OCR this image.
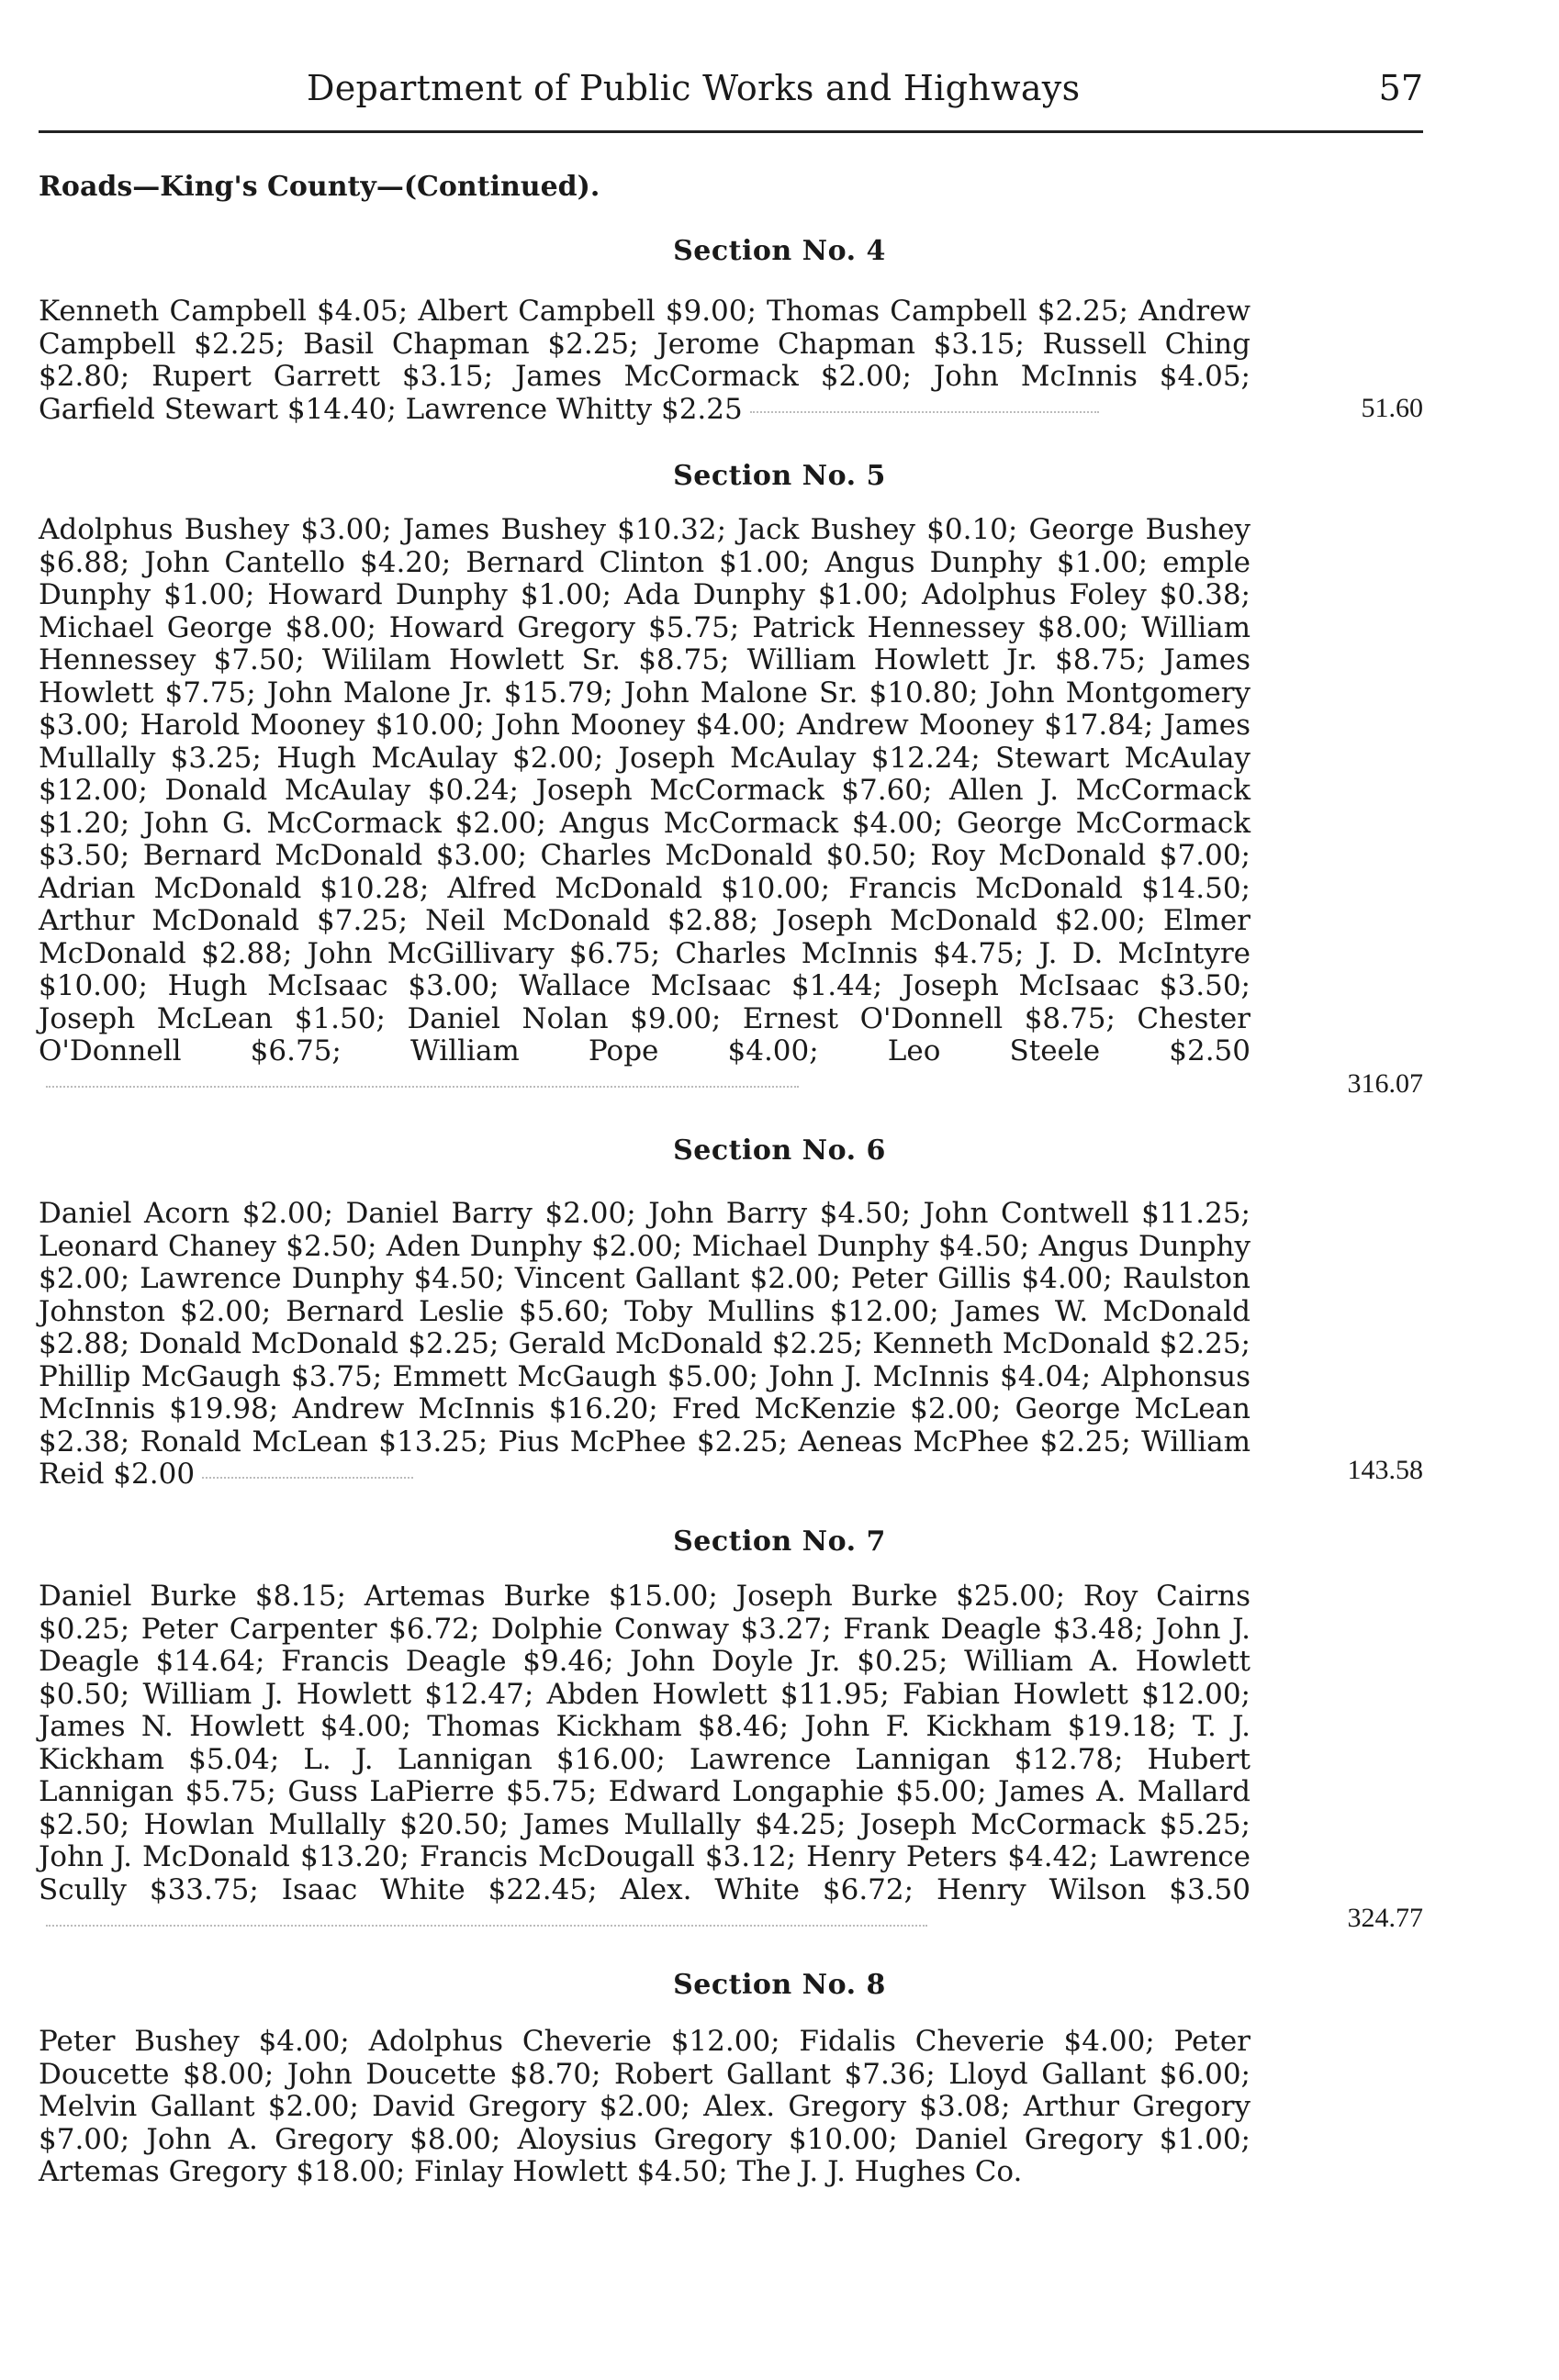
Department of Public Works and Highways	57
Roads—King's County—(Continued).
Section No. 4
Kenneth Campbell $4.05; Albert Campbell $9.00; Thomas Campbell $2.25; Andrew Campbell $2.25; Basil Chapman $2.25; Jerome Chapman $3.15; Russell Ching $2.80; Rupert Garrett $3.15; James McCormack $2.00; John McInnis $4.05; Garfield Stewart $14.40; Lawrence Whitty $2.25	51.60
Section No. 5
Adolphus Bushey $3.00; James Bushey $10.32; Jack Bushey $0.10; George Bushey $6.88; John Cantello $4.20; Bernard Clinton $1.00; Angus Dunphy $1.00; emple Dunphy $1.00; Howard Dunphy $1.00; Ada Dunphy $1.00; Adolphus Foley $0.38; Michael George $8.00; Howard Gregory $5.75; Patrick Hennessey $8.00; William Hennessey $7.50; Wililam Howlett Sr. $8.75; William Howlett Jr. $8.75; James Howlett $7.75; John Malone Jr. $15.79; John Malone Sr. $10.80; John Montgomery $3.00; Harold Mooney $10.00; John Mooney $4.00; Andrew Mooney $17.84; James Mullally $3.25; Hugh McAulay $2.00; Joseph McAulay $12.24; Stewart McAulay $12.00; Donald McAulay $0.24; Joseph McCormack $7.60; Allen J. McCormack $1.20; John G. McCormack $2.00; Angus McCormack $4.00; George McCormack $3.50; Bernard McDonald $3.00; Charles McDonald $0.50; Roy McDonald $7.00; Adrian McDonald $10.28; Alfred McDonald $10.00; Francis McDonald $14.50; Arthur McDonald $7.25; Neil McDonald $2.88; Joseph McDonald $2.00; Elmer McDonald $2.88; John McGillivary $6.75; Charles McInnis $4.75; J. D. McIntyre $10.00; Hugh McIsaac $3.00; Wallace McIsaac $1.44; Joseph McIsaac $3.50; Joseph McLean $1.50; Daniel Nolan $9.00; Ernest O'Donnell $8.75; Chester O'Donnell $6.75; William Pope $4.00; Leo Steele $2.50
316.07
Section No. 6
Daniel Acorn $2.00; Daniel Barry $2.00; John Barry $4.50; John Contwell $11.25; Leonard Chaney $2.50; Aden Dunphy $2.00; Michael Dunphy $4.50; Angus Dunphy $2.00; Lawrence Dunphy $4.50; Vincent Gallant $2.00; Peter Gillis $4.00; Raulston Johnston $2.00; Bernard Leslie $5.60; Toby Mullins $12.00; James W. McDonald $2.88; Donald McDonald $2.25; Gerald McDonald $2.25; Kenneth McDonald $2.25; Phillip McGaugh $3.75; Emmett McGaugh $5.00; John J. McInnis $4.04; Alphonsus McInnis $19.98; Andrew McInnis $16.20; Fred McKenzie $2.00; George McLean $2.38; Ronald McLean $13.25; Pius McPhee $2.25; Aeneas McPhee $2.25; William Reid $2.00	143.58
Section No. 7
Daniel Burke $8.15; Artemas Burke $15.00; Joseph Burke $25.00; Roy Cairns $0.25; Peter Carpenter $6.72; Dolphie Conway $3.27; Frank Deagle $3.48; John J. Deagle $14.64; Francis Deagle $9.46; John Doyle Jr. $0.25; William A. Howlett $0.50; William J. Howlett $12.47; Abden Howlett $11.95; Fabian Howlett $12.00; James N. Howlett $4.00; Thomas Kickham $8.46; John F. Kickham $19.18; T. J. Kickham $5.04; L. J. Lannigan $16.00; Lawrence Lannigan $12.78; Hubert Lannigan $5.75; Guss LaPierre $5.75; Edward Longaphie $5.00; James A. Mallard $2.50; Howlan Mullally $20.50; James Mullally $4.25; Joseph McCormack $5.25; John J. McDonald $13.20; Francis McDougall $3.12; Henry Peters $4.42; Lawrence Scully $33.75; Isaac White $22.45; Alex. White $6.72; Henry Wilson $3.50
324.77
Section No. 8
Peter Bushey $4.00; Adolphus Cheverie $12.00; Fidalis Cheverie $4.00; Peter Doucette $8.00; John Doucette $8.70; Robert Gallant $7.36; Lloyd Gallant $6.00; Melvin Gallant $2.00; David Gregory $2.00; Alex. Gregory $3.08; Arthur Gregory $7.00; John A. Gregory $8.00; Aloysius Gregory $10.00; Daniel Gregory $1.00; Artemas Gregory $18.00; Finlay Howlett $4.50; The J. J. Hughes Co.
